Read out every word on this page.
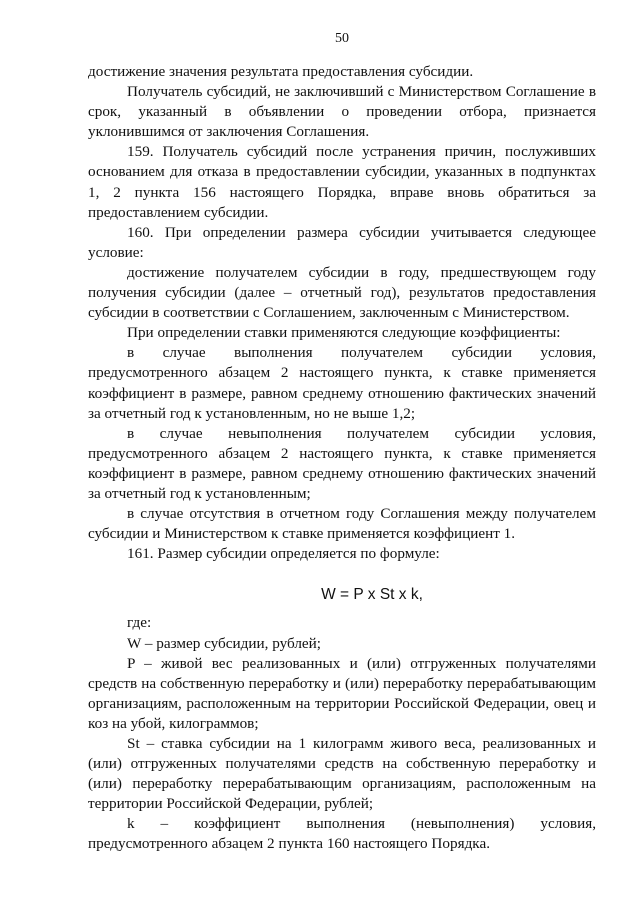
50

достижение значения результата предоставления субсидии.

Получатель субсидий, не заключивший с Министерством Соглашение в срок, указанный в объявлении о проведении отбора, признается уклонившимся от заключения Соглашения.

159. Получатель субсидий после устранения причин, послуживших основанием для отказа в предоставлении субсидии, указанных в подпунктах 1, 2 пункта 156 настоящего Порядка, вправе вновь обратиться за предоставлением субсидии.

160. При определении размера субсидии учитывается следующее условие:

достижение получателем субсидии в году, предшествующем году получения субсидии (далее – отчетный год), результатов предоставления субсидии в соответствии с Соглашением, заключенным с Министерством.

При определении ставки применяются следующие коэффициенты:

в случае выполнения получателем субсидии условия, предусмотренного абзацем 2 настоящего пункта, к ставке применяется коэффициент в размере, равном среднему отношению фактических значений за отчетный год к установленным, но не выше 1,2;

в случае невыполнения получателем субсидии условия, предусмотренного абзацем 2 настоящего пункта, к ставке применяется коэффициент в размере, равном среднему отношению фактических значений за отчетный год к установленным;

в случае отсутствия в отчетном году Соглашения между получателем субсидии и Министерством к ставке применяется коэффициент 1.

161. Размер субсидии определяется по формуле:

W = P x St x k,

где:

W – размер субсидии, рублей;

P – живой вес реализованных и (или) отгруженных получателями средств на собственную переработку и (или) переработку перерабатывающим организациям, расположенным на территории Российской Федерации, овец и коз на убой, килограммов;

St – ставка субсидии на 1 килограмм живого веса, реализованных и (или) отгруженных получателями средств на собственную переработку и (или) переработку перерабатывающим организациям, расположенным на территории Российской Федерации, рублей;

k – коэффициент выполнения (невыполнения) условия, предусмотренного абзацем 2 пункта 160 настоящего Порядка.
